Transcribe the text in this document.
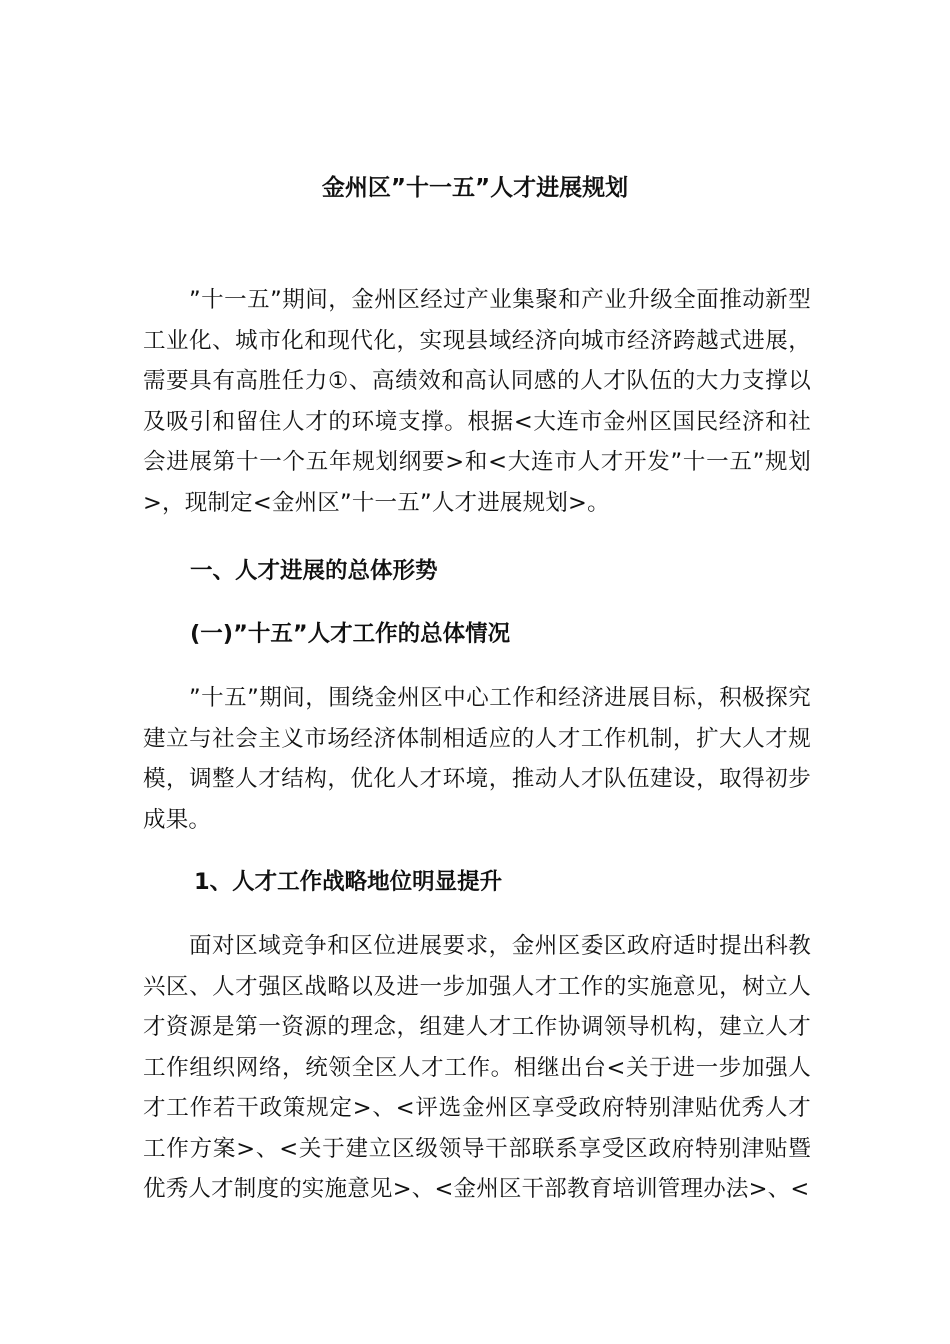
金州区”十一五”人才进展规划

”十一五”期间，金州区经过产业集聚和产业升级全面推动新型工业化、城市化和现代化，实现县域经济向城市经济跨越式进展，需要具有高胜任力①、高绩效和高认同感的人才队伍的大力支撑以及吸引和留住人才的环境支撑。根据<大连市金州区国民经济和社会进展第十一个五年规划纲要>和<大连市人才开发”十一五”规划>，现制定<金州区”十一五”人才进展规划>。

一、人才进展的总体形势
(一)”十五”人才工作的总体情况

”十五”期间，围绕金州区中心工作和经济进展目标，积极探究建立与社会主义市场经济体制相适应的人才工作机制，扩大人才规模，调整人才结构，优化人才环境，推动人才队伍建设，取得初步成果。

1、人才工作战略地位明显提升

面对区域竞争和区位进展要求，金州区委区政府适时提出科教兴区、人才强区战略以及进一步加强人才工作的实施意见，树立人才资源是第一资源的理念，组建人才工作协调领导机构，建立人才工作组织网络，统领全区人才工作。相继出台<关于进一步加强人才工作若干政策规定>、<评选金州区享受政府特别津贴优秀人才工作方案>、<关于建立区级领导干部联系享受区政府特别津贴暨优秀人才制度的实施意见>、<金州区干部教育培训管理办法>、<
